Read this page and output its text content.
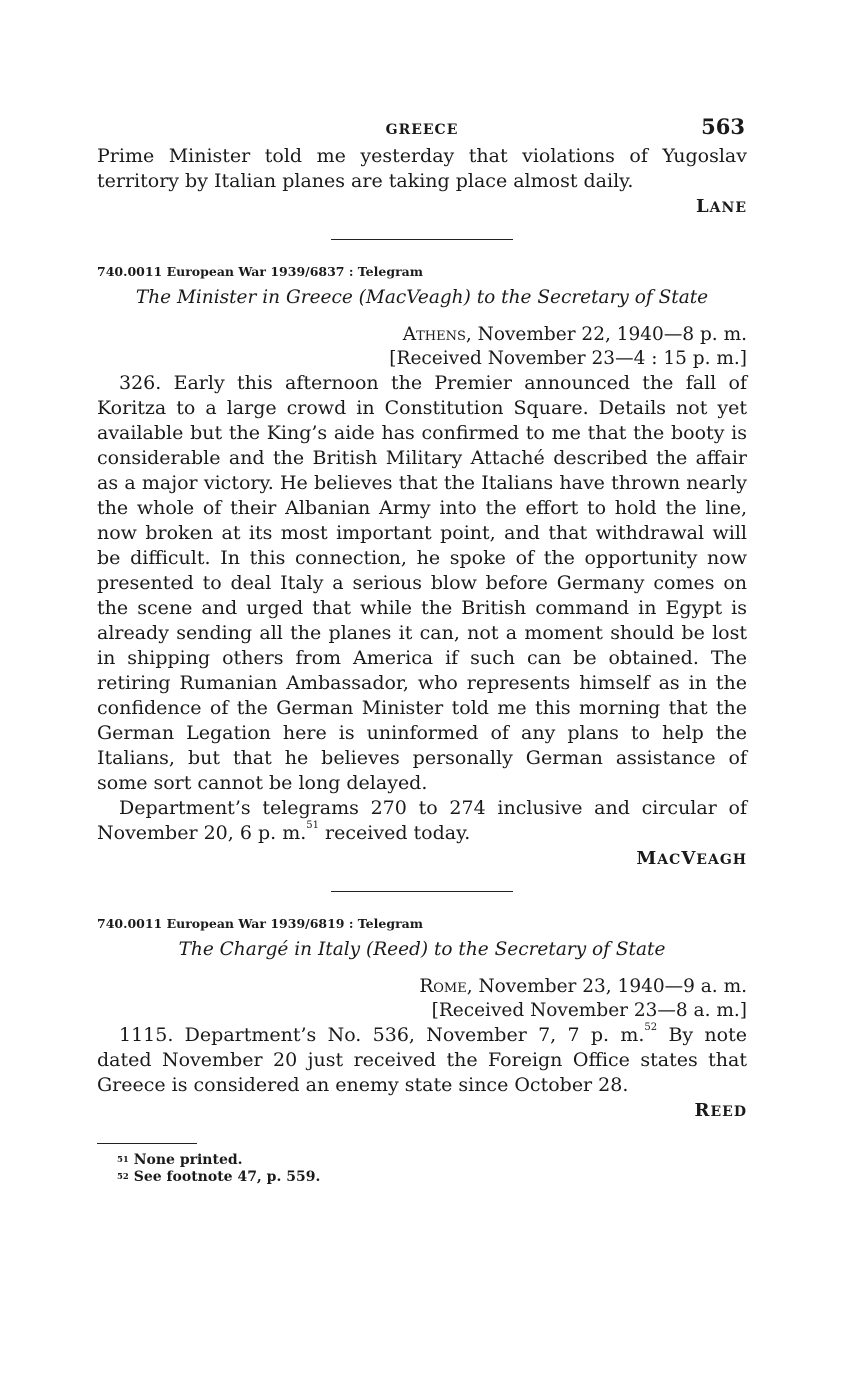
GREECE	563

Prime Minister told me yesterday that violations of Yugoslav territory by Italian planes are taking place almost daily.

LANE
740.0011 European War 1939/6837 : Telegram
The Minister in Greece (MacVeagh) to the Secretary of State
Athens, November 22, 1940—8 p. m.
[Received November 23—4 : 15 p. m.]

326. Early this afternoon the Premier announced the fall of Koritza to a large crowd in Constitution Square. Details not yet available but the King’s aide has confirmed to me that the booty is considerable and the British Military Attaché described the affair as a major victory. He believes that the Italians have thrown nearly the whole of their Albanian Army into the effort to hold the line, now broken at its most important point, and that withdrawal will be difficult. In this connection, he spoke of the opportunity now presented to deal Italy a serious blow before Germany comes on the scene and urged that while the British command in Egypt is already sending all the planes it can, not a moment should be lost in shipping others from America if such can be obtained. The retiring Rumanian Ambassador, who represents himself as in the confidence of the German Minister told me this morning that the German Legation here is uninformed of any plans to help the Italians, but that he believes personally German assistance of some sort cannot be long delayed.

Department’s telegrams 270 to 274 inclusive and circular of November 20, 6 p. m.$^{51}$ received today.

MACVEAGH
740.0011 European War 1939/6819 : Telegram
The Chargé in Italy (Reed) to the Secretary of State
Rome, November 23, 1940—9 a. m.
[Received November 23—8 a. m.]

1115. Department’s No. 536, November 7, 7 p. m.$^{52}$ By note dated November 20 just received the Foreign Office states that Greece is considered an enemy state since October 28.

REED
$^{51}$ None printed.
$^{52}$ See footnote 47, p. 559.
